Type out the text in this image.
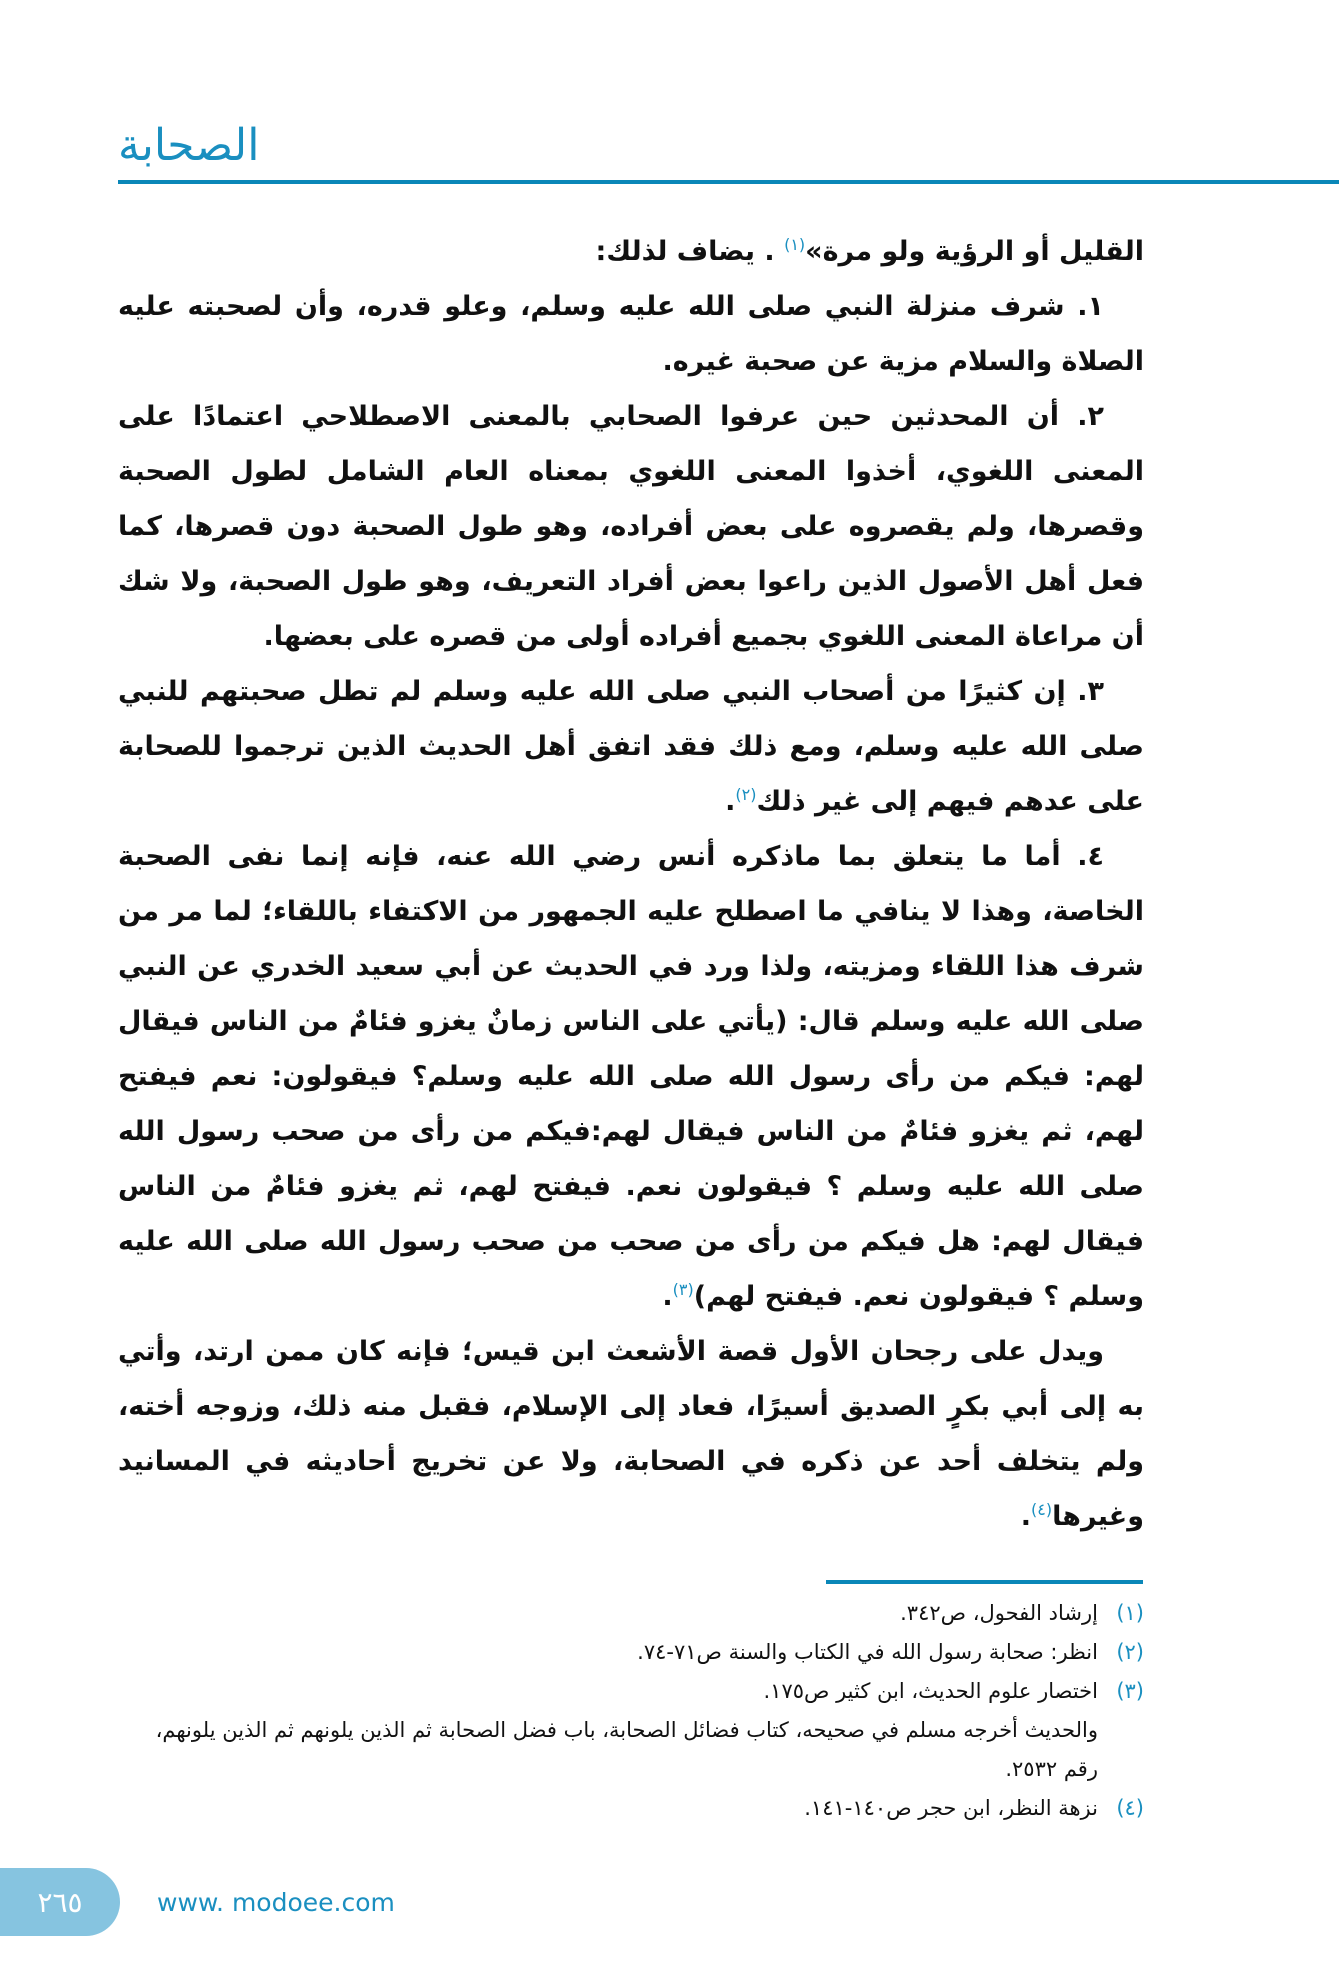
الصحابة

القليل أو الرؤية ولو مرة»$^{(١)}$ . يضاف لذلك:

١. شرف منزلة النبي صلى الله عليه وسلم، وعلو قدره، وأن لصحبته عليه الصلاة والسلام مزية عن صحبة غيره.

٢. أن المحدثين حين عرفوا الصحابي بالمعنى الاصطلاحي اعتمادًا على المعنى اللغوي، أخذوا المعنى اللغوي بمعناه العام الشامل لطول الصحبة وقصرها، ولم يقصروه على بعض أفراده، وهو طول الصحبة دون قصرها، كما فعل أهل الأصول الذين راعوا بعض أفراد التعريف، وهو طول الصحبة، ولا شك أن مراعاة المعنى اللغوي بجميع أفراده أولى من قصره على بعضها.

٣. إن كثيرًا من أصحاب النبي صلى الله عليه وسلم لم تطل صحبتهم للنبي صلى الله عليه وسلم، ومع ذلك فقد اتفق أهل الحديث الذين ترجموا للصحابة على عدهم فيهم إلى غير ذلك$^{(٢)}$.

٤. أما ما يتعلق بما ماذكره أنس رضي الله عنه، فإنه إنما نفى الصحبة الخاصة، وهذا لا ينافي ما اصطلح عليه الجمهور من الاكتفاء باللقاء؛ لما مر من شرف هذا اللقاء ومزيته، ولذا ورد في الحديث عن أبي سعيد الخدري عن النبي صلى الله عليه وسلم قال: (يأتي على الناس زمانٌ يغزو فئامٌ من الناس فيقال لهم: فيكم من رأى رسول الله صلى الله عليه وسلم؟ فيقولون: نعم فيفتح لهم، ثم يغزو فئامٌ من الناس فيقال لهم:فيكم من رأى من صحب رسول الله صلى الله عليه وسلم ؟ فيقولون نعم. فيفتح لهم، ثم يغزو فئامٌ من الناس فيقال لهم: هل فيكم من رأى من صحب من صحب رسول الله صلى الله عليه وسلم ؟ فيقولون نعم. فيفتح لهم)$^{(٣)}$.

ويدل على رجحان الأول قصة الأشعث ابن قيس؛ فإنه كان ممن ارتد، وأتي به إلى أبي بكرٍ الصديق أسيرًا، فعاد إلى الإسلام، فقبل منه ذلك، وزوجه أخته، ولم يتخلف أحد عن ذكره في الصحابة، ولا عن تخريج أحاديثه في المسانيد وغيرها$^{(٤)}$.

(١)
إرشاد الفحول، ص٣٤٢.
(٢)
انظر: صحابة رسول الله في الكتاب والسنة ص٧١-٧٤.
(٣)
اختصار علوم الحديث، ابن كثير ص١٧٥.
والحديث أخرجه مسلم في صحيحه، كتاب فضائل الصحابة، باب فضل الصحابة ثم الذين يلونهم ثم الذين يلونهم، رقم ٢٥٣٢.
(٤)
نزهة النظر، ابن حجر ص١٤٠-١٤١.
٢٦٥	www. modoee.com
